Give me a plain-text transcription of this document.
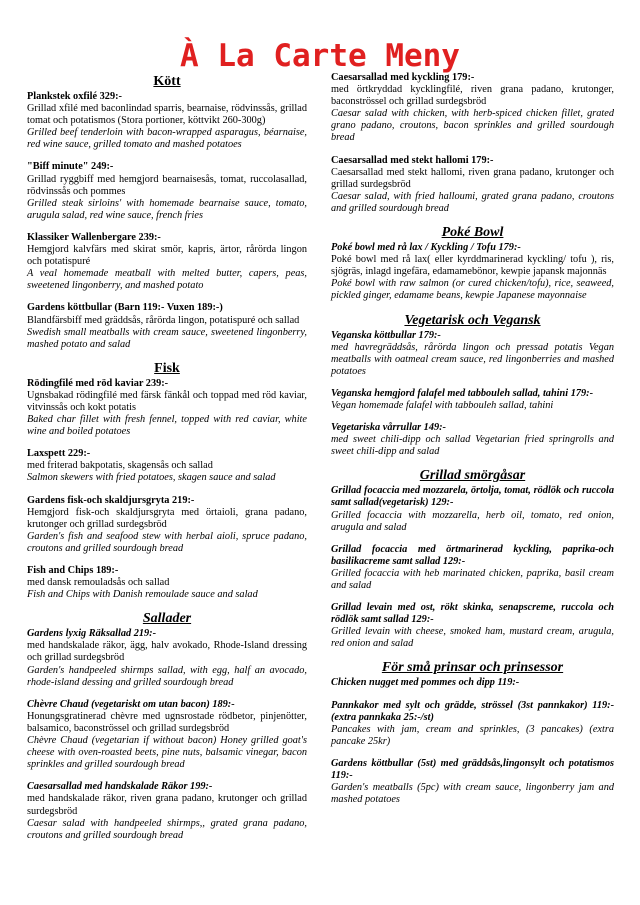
À La Carte Meny
Kött

Plankstek oxfilé 329:-

Grillad xfilé med baconlindad sparris, bearnaise, rödvinssås, grillad tomat och potatismos (Stora portioner, köttvikt 260-300g)

Grilled beef tenderloin with bacon-wrapped asparagus, béarnaise, red wine sauce, grilled tomato and mashed potatoes

"Biff minute" 249:-

Grillad ryggbiff med hemgjord bearnaisesås, tomat, ruccolasallad, rödvinssås och pommes

Grilled steak sirloins' with homemade bearnaise sauce, tomato, arugula salad, red wine sauce, french fries

Klassiker Wallenbergare 239:-

Hemgjord kalvfärs med skirat smör, kapris, ärtor, rårörda lingon och potatispuré

A veal homemade meatball with melted butter, capers, peas, sweetened lingonberry, and mashed potato

Gardens köttbullar (Barn 119:- Vuxen 189:-)

Blandfärsbiff med gräddsås, rårörda lingon, potatispuré och sallad

Swedish small meatballs with cream sauce, sweetened lingonberry, mashed potato and salad

Fisk

Rödingfilé med röd kaviar 239:-

Ugnsbakad rödingfilé med färsk fänkål och toppad med röd kaviar, vitvinssås och kokt potatis

Baked char fillet with fresh fennel, topped with red caviar, white wine and boiled potatoes

Laxspett 229:-

med friterad bakpotatis, skagensås och sallad

Salmon skewers with fried potatoes, skagen sauce and salad

Gardens fisk-och skaldjursgryta 219:-

Hemgjord fisk-och skaldjursgryta med örtaioli, grana padano, krutonger och grillad surdegsbröd

Garden's fish and seafood stew with herbal aioli, spruce padano, croutons and grilled sourdough bread

Fish and Chips 189:-

med dansk remouladsås och sallad

Fish and Chips with Danish remoulade sauce and salad

Sallader

Gardens lyxig Räksallad 219:-

med handskalade räkor, ägg, halv avokado, Rhode-Island dressing och grillad surdegsbröd

Garden's handpeeled shirmps sallad, with egg, half an avocado, rhode-island dessing and grilled sourdough bread

Chèvre Chaud (vegetariskt om utan bacon) 189:-

Honungsgratinerad chèvre med ugnsrostade rödbetor, pinjenötter, balsamico, baconströssel och grillad surdegsbröd

Chèvre Chaud (vegetarian if without bacon) Honey grilled goat's cheese with oven-roasted beets, pine nuts, balsamic vinegar, bacon sprinkles and grilled sourdough bread

Caesarsallad med handskalade Räkor 199:-

med handskalade räkor, riven grana padano, krutonger och grillad surdegsbröd

Caesar salad with handpeeled shirmps,, grated grana padano, croutons and grilled sourdough bread

Caesarsallad med kyckling 179:-

med örtkryddad kycklingfilé, riven grana padano, krutonger, baconströssel och grillad surdegsbröd

Caesar salad with chicken, with herb-spiced chicken fillet, grated grano padano, croutons, bacon sprinkles and grilled sourdough bread

Caesarsallad med stekt hallomi 179:-

Caesarsallad med stekt hallomi, riven grana padano, krutonger och grillad surdegsbröd

Caesar salad, with fried halloumi, grated grana padano, croutons and grilled sourdough bread

Poké Bowl

Poké bowl med rå lax / Kyckling / Tofu 179:-

Poké bowl med rå lax( eller kyrddmarinerad kyckling/ tofu ), ris, sjögräs, inlagd ingefära, edamamebönor, kewpie japansk majonnäs

Poké bowl with raw salmon (or cured chicken/tofu), rice, seaweed, pickled ginger, edamame beans, kewpie Japanese mayonnaise

Vegetarisk och Vegansk

Veganska köttbullar 179:-

med havregräddsås, rårörda lingon och pressad potatis Vegan meatballs with oatmeal cream sauce, red lingonberries and mashed potatoes

Veganska hemgjord falafel med tabbouleh sallad, tahini 179:-

Vegan homemade falafel with tabbouleh sallad, tahini

Vegetariska vårrullar 149:-

med sweet chili-dipp och sallad Vegetarian fried springrolls and sweet chili-dipp and salad

Grillad smörgåsar

Grillad focaccia med mozzarela, örtolja, tomat, rödlök och ruccola samt sallad(vegetarisk) 129:-

Grilled focaccia with mozzarella, herb oil, tomato, red onion, arugula and salad

Grillad focaccia med örtmarinerad kyckling, paprika-och basilikacreme samt sallad 129:-

Grilled focaccia with heb marinated chicken, paprika, basil cream and salad

Grillad levain med ost, rökt skinka, senapscreme, ruccola och rödlök samt sallad 129:-

Grilled levain with cheese, smoked ham, mustard cream, arugula, red onion and salad

För små prinsar och prinsessor

Chicken nugget med pommes och dipp 119:-

Pannkakor med sylt och grädde, strössel (3st pannkakor) 119:- (extra pannkaka 25:-/st)

Pancakes with jam, cream and sprinkles, (3 pancakes) (extra pancake 25kr)

Gardens köttbullar (5st) med gräddsås,lingonsylt och potatismos 119:-

Garden's meatballs (5pc) with cream sauce, lingonberry jam and mashed potatoes
